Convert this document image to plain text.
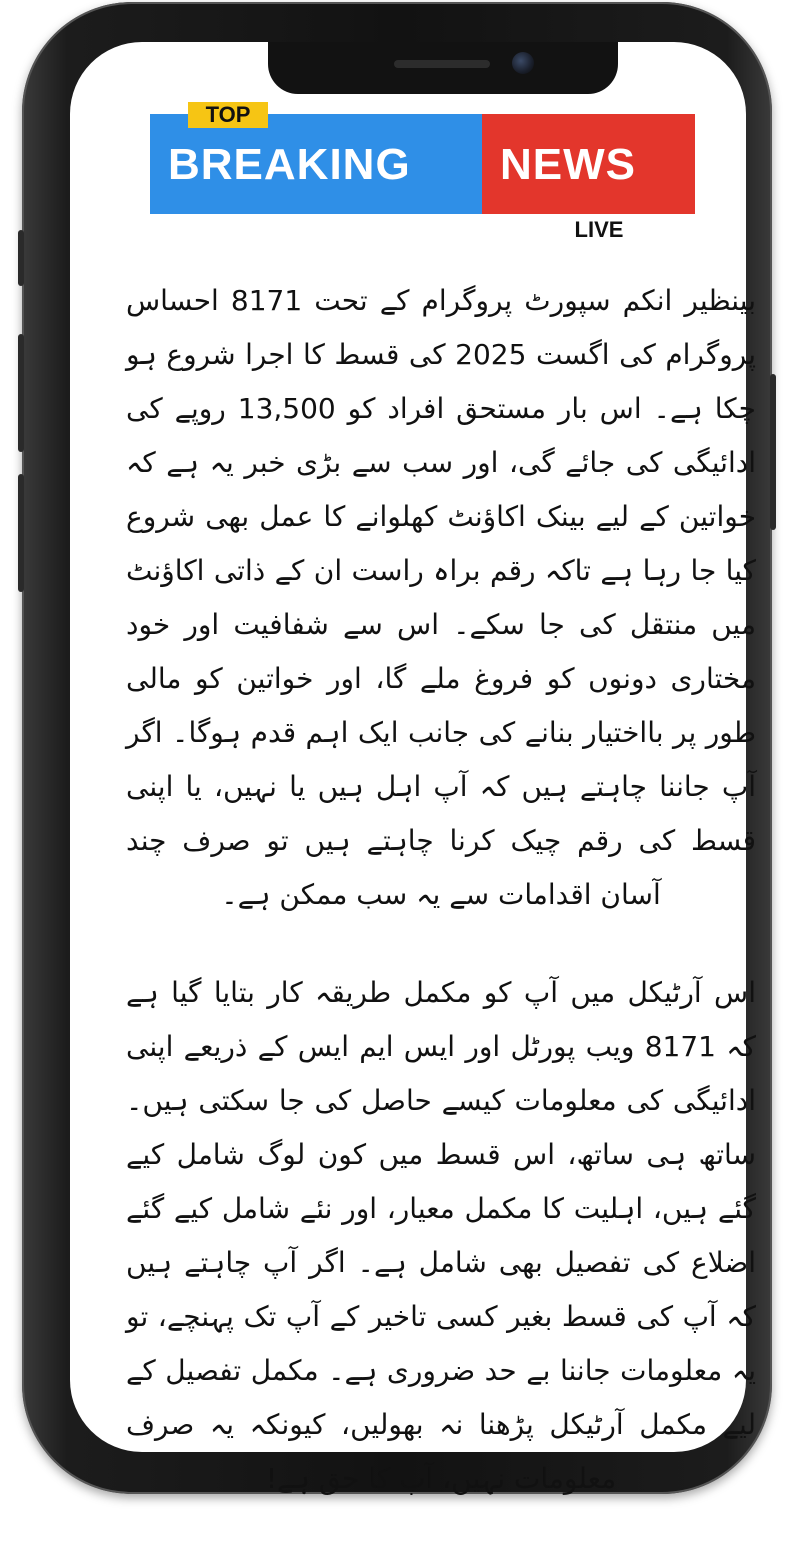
TOP
BREAKING NEWS
LIVE

بینظیر انکم سپورٹ پروگرام کے تحت 8171 احساس پروگرام کی اگست 2025 کی قسط کا اجرا شروع ہو چکا ہے۔ اس بار مستحق افراد کو 13,500 روپے کی ادائیگی کی جائے گی، اور سب سے بڑی خبر یہ ہے کہ خواتین کے لیے بینک اکاؤنٹ کھلوانے کا عمل بھی شروع کیا جا رہا ہے تاکہ رقم براہ راست ان کے ذاتی اکاؤنٹ میں منتقل کی جا سکے۔ اس سے شفافیت اور خود مختاری دونوں کو فروغ ملے گا، اور خواتین کو مالی طور پر بااختیار بنانے کی جانب ایک اہم قدم ہوگا۔ اگر آپ جاننا چاہتے ہیں کہ آپ اہل ہیں یا نہیں، یا اپنی قسط کی رقم چیک کرنا چاہتے ہیں تو صرف چند آسان اقدامات سے یہ سب ممکن ہے۔

اس آرٹیکل میں آپ کو مکمل طریقہ کار بتایا گیا ہے کہ 8171 ویب پورٹل اور ایس ایم ایس کے ذریعے اپنی ادائیگی کی معلومات کیسے حاصل کی جا سکتی ہیں۔ ساتھ ہی ساتھ، اس قسط میں کون لوگ شامل کیے گئے ہیں، اہلیت کا مکمل معیار، اور نئے شامل کیے گئے اضلاع کی تفصیل بھی شامل ہے۔ اگر آپ چاہتے ہیں کہ آپ کی قسط بغیر کسی تاخیر کے آپ تک پہنچے، تو یہ معلومات جاننا بے حد ضروری ہے۔ مکمل تفصیل کے لیے مکمل آرٹیکل پڑھنا نہ بھولیں، کیونکہ یہ صرف معلومات نہیں، آپ کا حق ہے!
